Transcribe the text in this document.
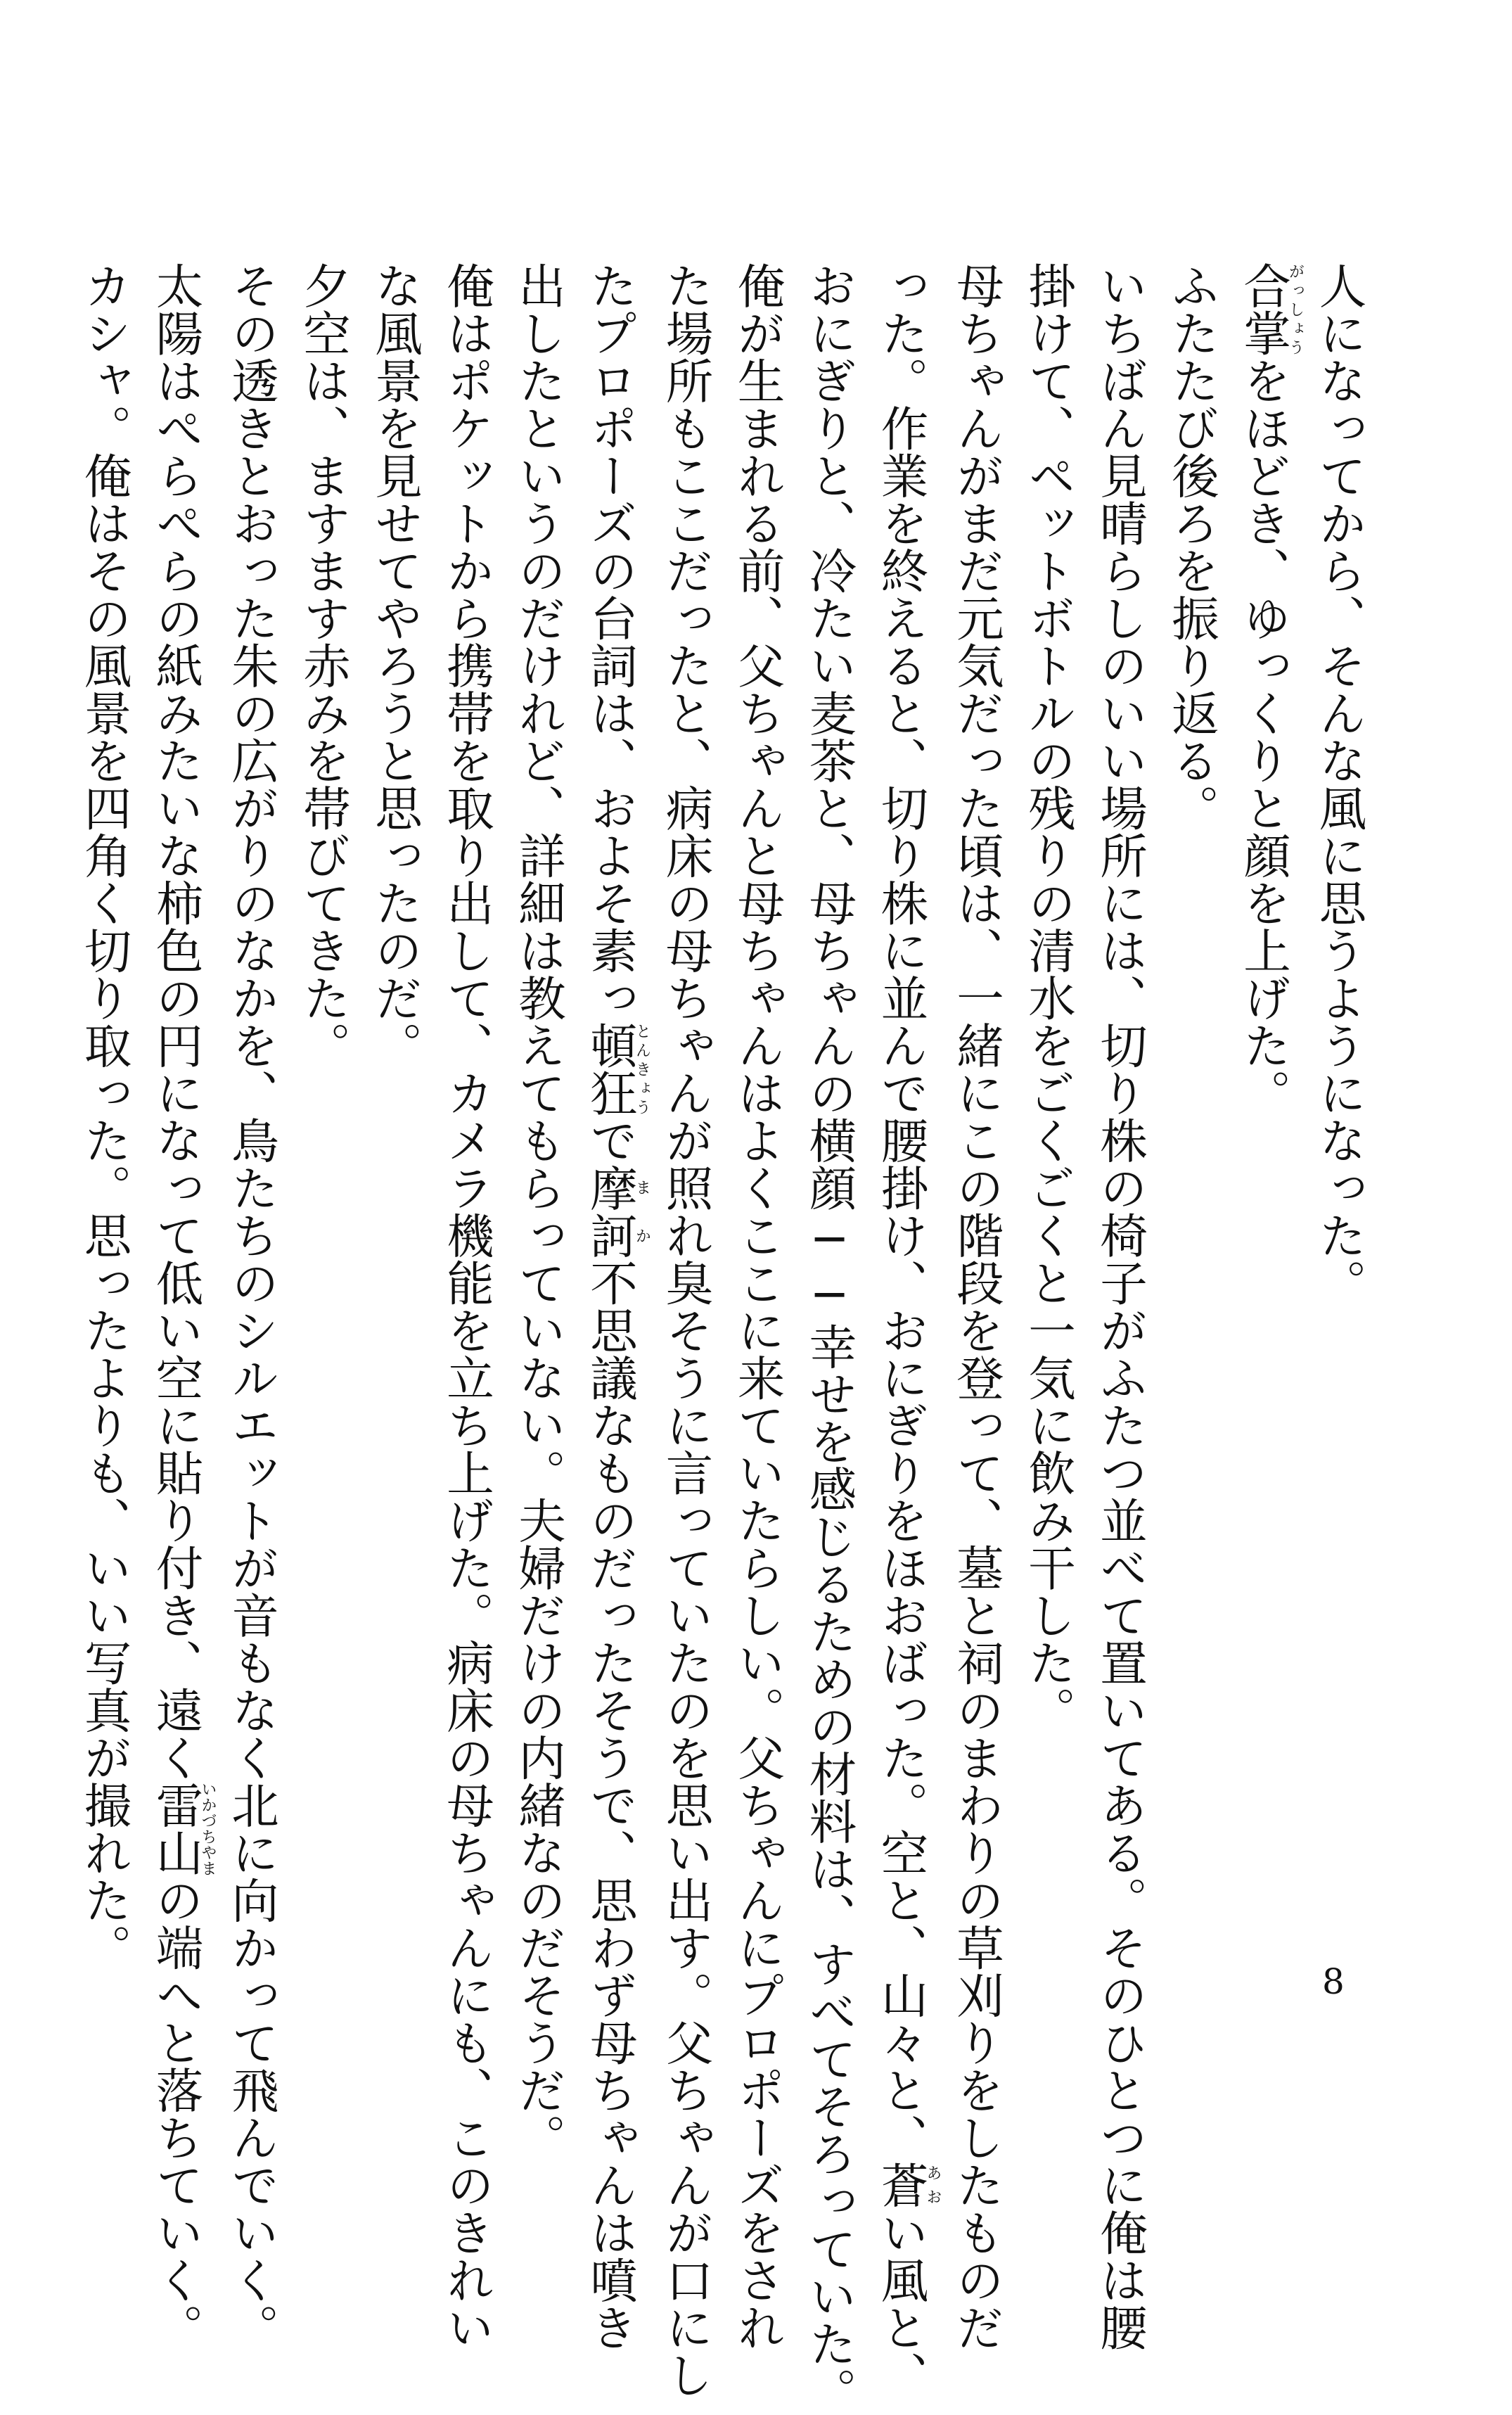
人になってから、そんな風に思うようになった。

合掌がっしょうをほどき、ゆっくりと顔を上げた。

ふたたび後ろを振り返る。

いちばん見晴らしのいい場所には、切り株の椅子がふたつ並べて置いてある。そのひとつに俺は腰

掛けて、ペットボトルの残りの清水をごくごくと一気に飲み干した。

母ちゃんがまだ元気だった頃は、一緒にこの階段を登って、墓と祠のまわりの草刈りをしたものだ

った。作業を終えると、切り株に並んで腰掛け、おにぎりをほおばった。空と、山々と、蒼あおい風と、

おにぎりと、冷たい麦茶と、母ちゃんの横顔──幸せを感じるための材料は、すべてそろっていた。

俺が生まれる前、父ちゃんと母ちゃんはよくここに来ていたらしい。父ちゃんにプロポーズをされ

た場所もここだったと、病床の母ちゃんが照れ臭そうに言っていたのを思い出す。父ちゃんが口にし

たプロポーズの台詞は、およそ素っ頓狂とんきょうで摩訶まか不思議なものだったそうで、思わず母ちゃんは噴き

出したというのだけれど、詳細は教えてもらっていない。夫婦だけの内緒なのだそうだ。

俺はポケットから携帯を取り出して、カメラ機能を立ち上げた。病床の母ちゃんにも、このきれい

な風景を見せてやろうと思ったのだ。

夕空は、ますます赤みを帯びてきた。

その透きとおった朱の広がりのなかを、鳥たちのシルエットが音もなく北に向かって飛んでいく。

太陽はぺらぺらの紙みたいな柿色の円になって低い空に貼り付き、遠く雷山いかづちやまの端へと落ちていく。

カシャ。俺はその風景を四角く切り取った。思ったよりも、いい写真が撮れた。

8
